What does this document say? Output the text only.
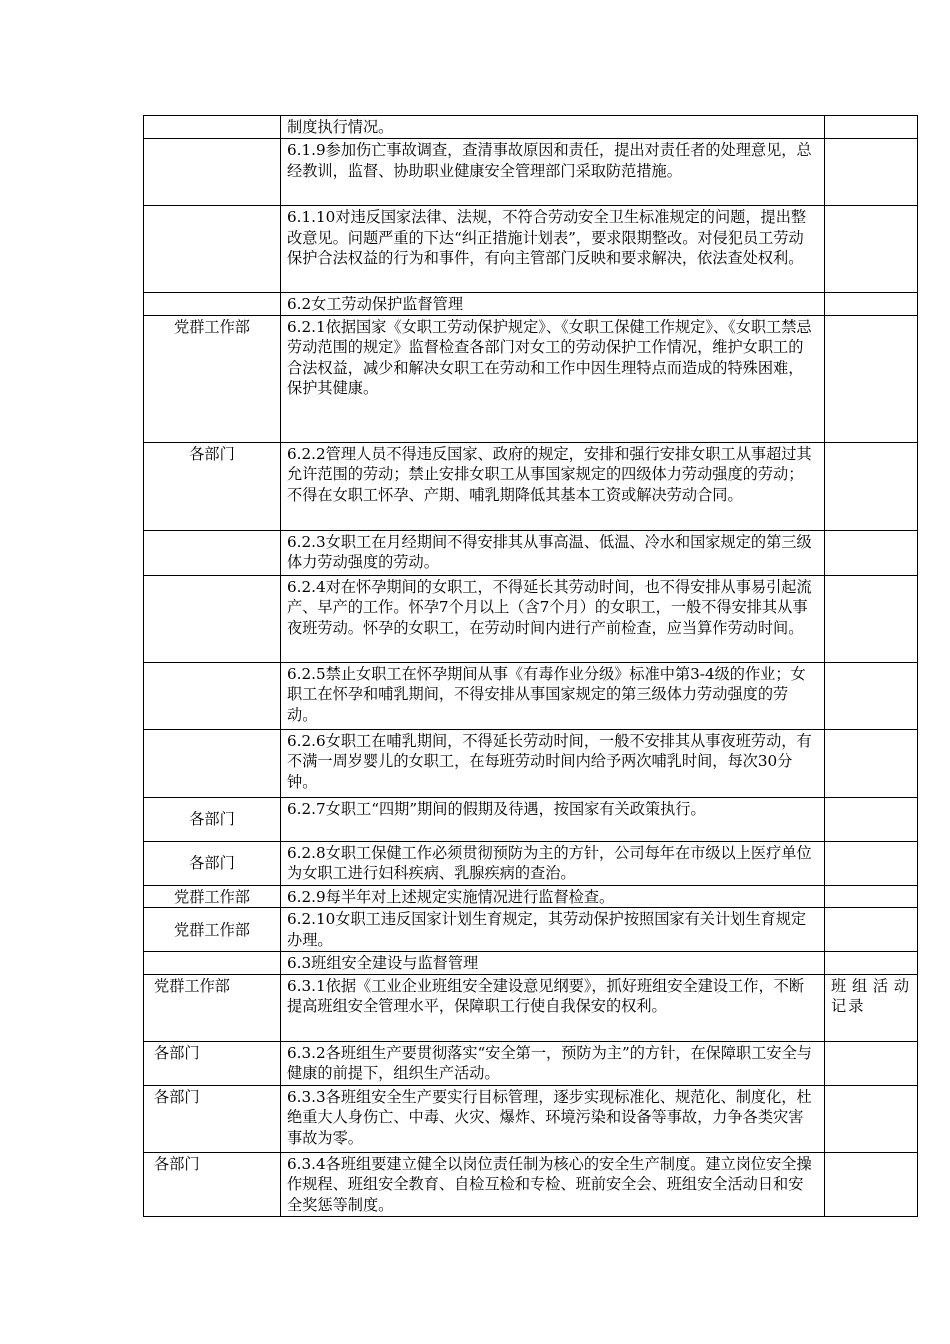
	制度执行情况。	
	6.1.9参加伤亡事故调查，查清事故原因和责任，提出对责任者的处理意见，总经教训，监督、协助职业健康安全管理部门采取防范措施。	
	6.1.10对违反国家法律、法规，不符合劳动安全卫生标准规定的问题，提出整改意见。问题严重的下达“纠正措施计划表”，要求限期整改。对侵犯员工劳动保护合法权益的行为和事件，有向主管部门反映和要求解决，依法查处权利。	
	6.2女工劳动保护监督管理	
党群工作部	6.2.1依据国家《女职工劳动保护规定》、《女职工保健工作规定》、《女职工禁忌劳动范围的规定》监督检查各部门对女工的劳动保护工作情况，维护女职工的合法权益，减少和解决女职工在劳动和工作中因生理特点而造成的特殊困难，保护其健康。	
各部门	6.2.2管理人员不得违反国家、政府的规定，安排和强行安排女职工从事超过其允许范围的劳动；禁止安排女职工从事国家规定的四级体力劳动强度的劳动；不得在女职工怀孕、产期、哺乳期降低其基本工资或解决劳动合同。	
	6.2.3女职工在月经期间不得安排其从事高温、低温、冷水和国家规定的第三级体力劳动强度的劳动。	
	6.2.4对在怀孕期间的女职工，不得延长其劳动时间，也不得安排从事易引起流产、早产的工作。怀孕7个月以上（含7个月）的女职工，一般不得安排其从事夜班劳动。怀孕的女职工，在劳动时间内进行产前检查，应当算作劳动时间。	
	6.2.5禁止女职工在怀孕期间从事《有毒作业分级》标准中第3-4级的作业；女职工在怀孕和哺乳期间，不得安排从事国家规定的第三级体力劳动强度的劳动。	
	6.2.6女职工在哺乳期间，不得延长劳动时间，一般不安排其从事夜班劳动，有不满一周岁婴儿的女职工，在每班劳动时间内给予两次哺乳时间，每次30分钟。	
各部门	6.2.7女职工“四期”期间的假期及待遇，按国家有关政策执行。	
各部门	6.2.8女职工保健工作必须贯彻预防为主的方针，公司每年在市级以上医疗单位为女职工进行妇科疾病、乳腺疾病的查治。	
党群工作部	6.2.9每半年对上述规定实施情况进行监督检查。	
党群工作部	6.2.10女职工违反国家计划生育规定，其劳动保护按照国家有关计划生育规定办理。	
	6.3班组安全建设与监督管理	
党群工作部	6.3.1依据《工业企业班组安全建设意见纲要》，抓好班组安全建设工作，不断提高班组安全管理水平，保障职工行使自我保安的权利。	班组活动记录
各部门	6.3.2各班组生产要贯彻落实“安全第一，预防为主”的方针，在保障职工安全与健康的前提下，组织生产活动。	
各部门	6.3.3各班组安全生产要实行目标管理，逐步实现标准化、规范化、制度化，杜绝重大人身伤亡、中毒、火灾、爆炸、环境污染和设备等事故，力争各类灾害事故为零。	
各部门	6.3.4各班组要建立健全以岗位责任制为核心的安全生产制度。建立岗位安全操作规程、班组安全教育、自检互检和专检、班前安全会、班组安全活动日和安全奖惩等制度。	
